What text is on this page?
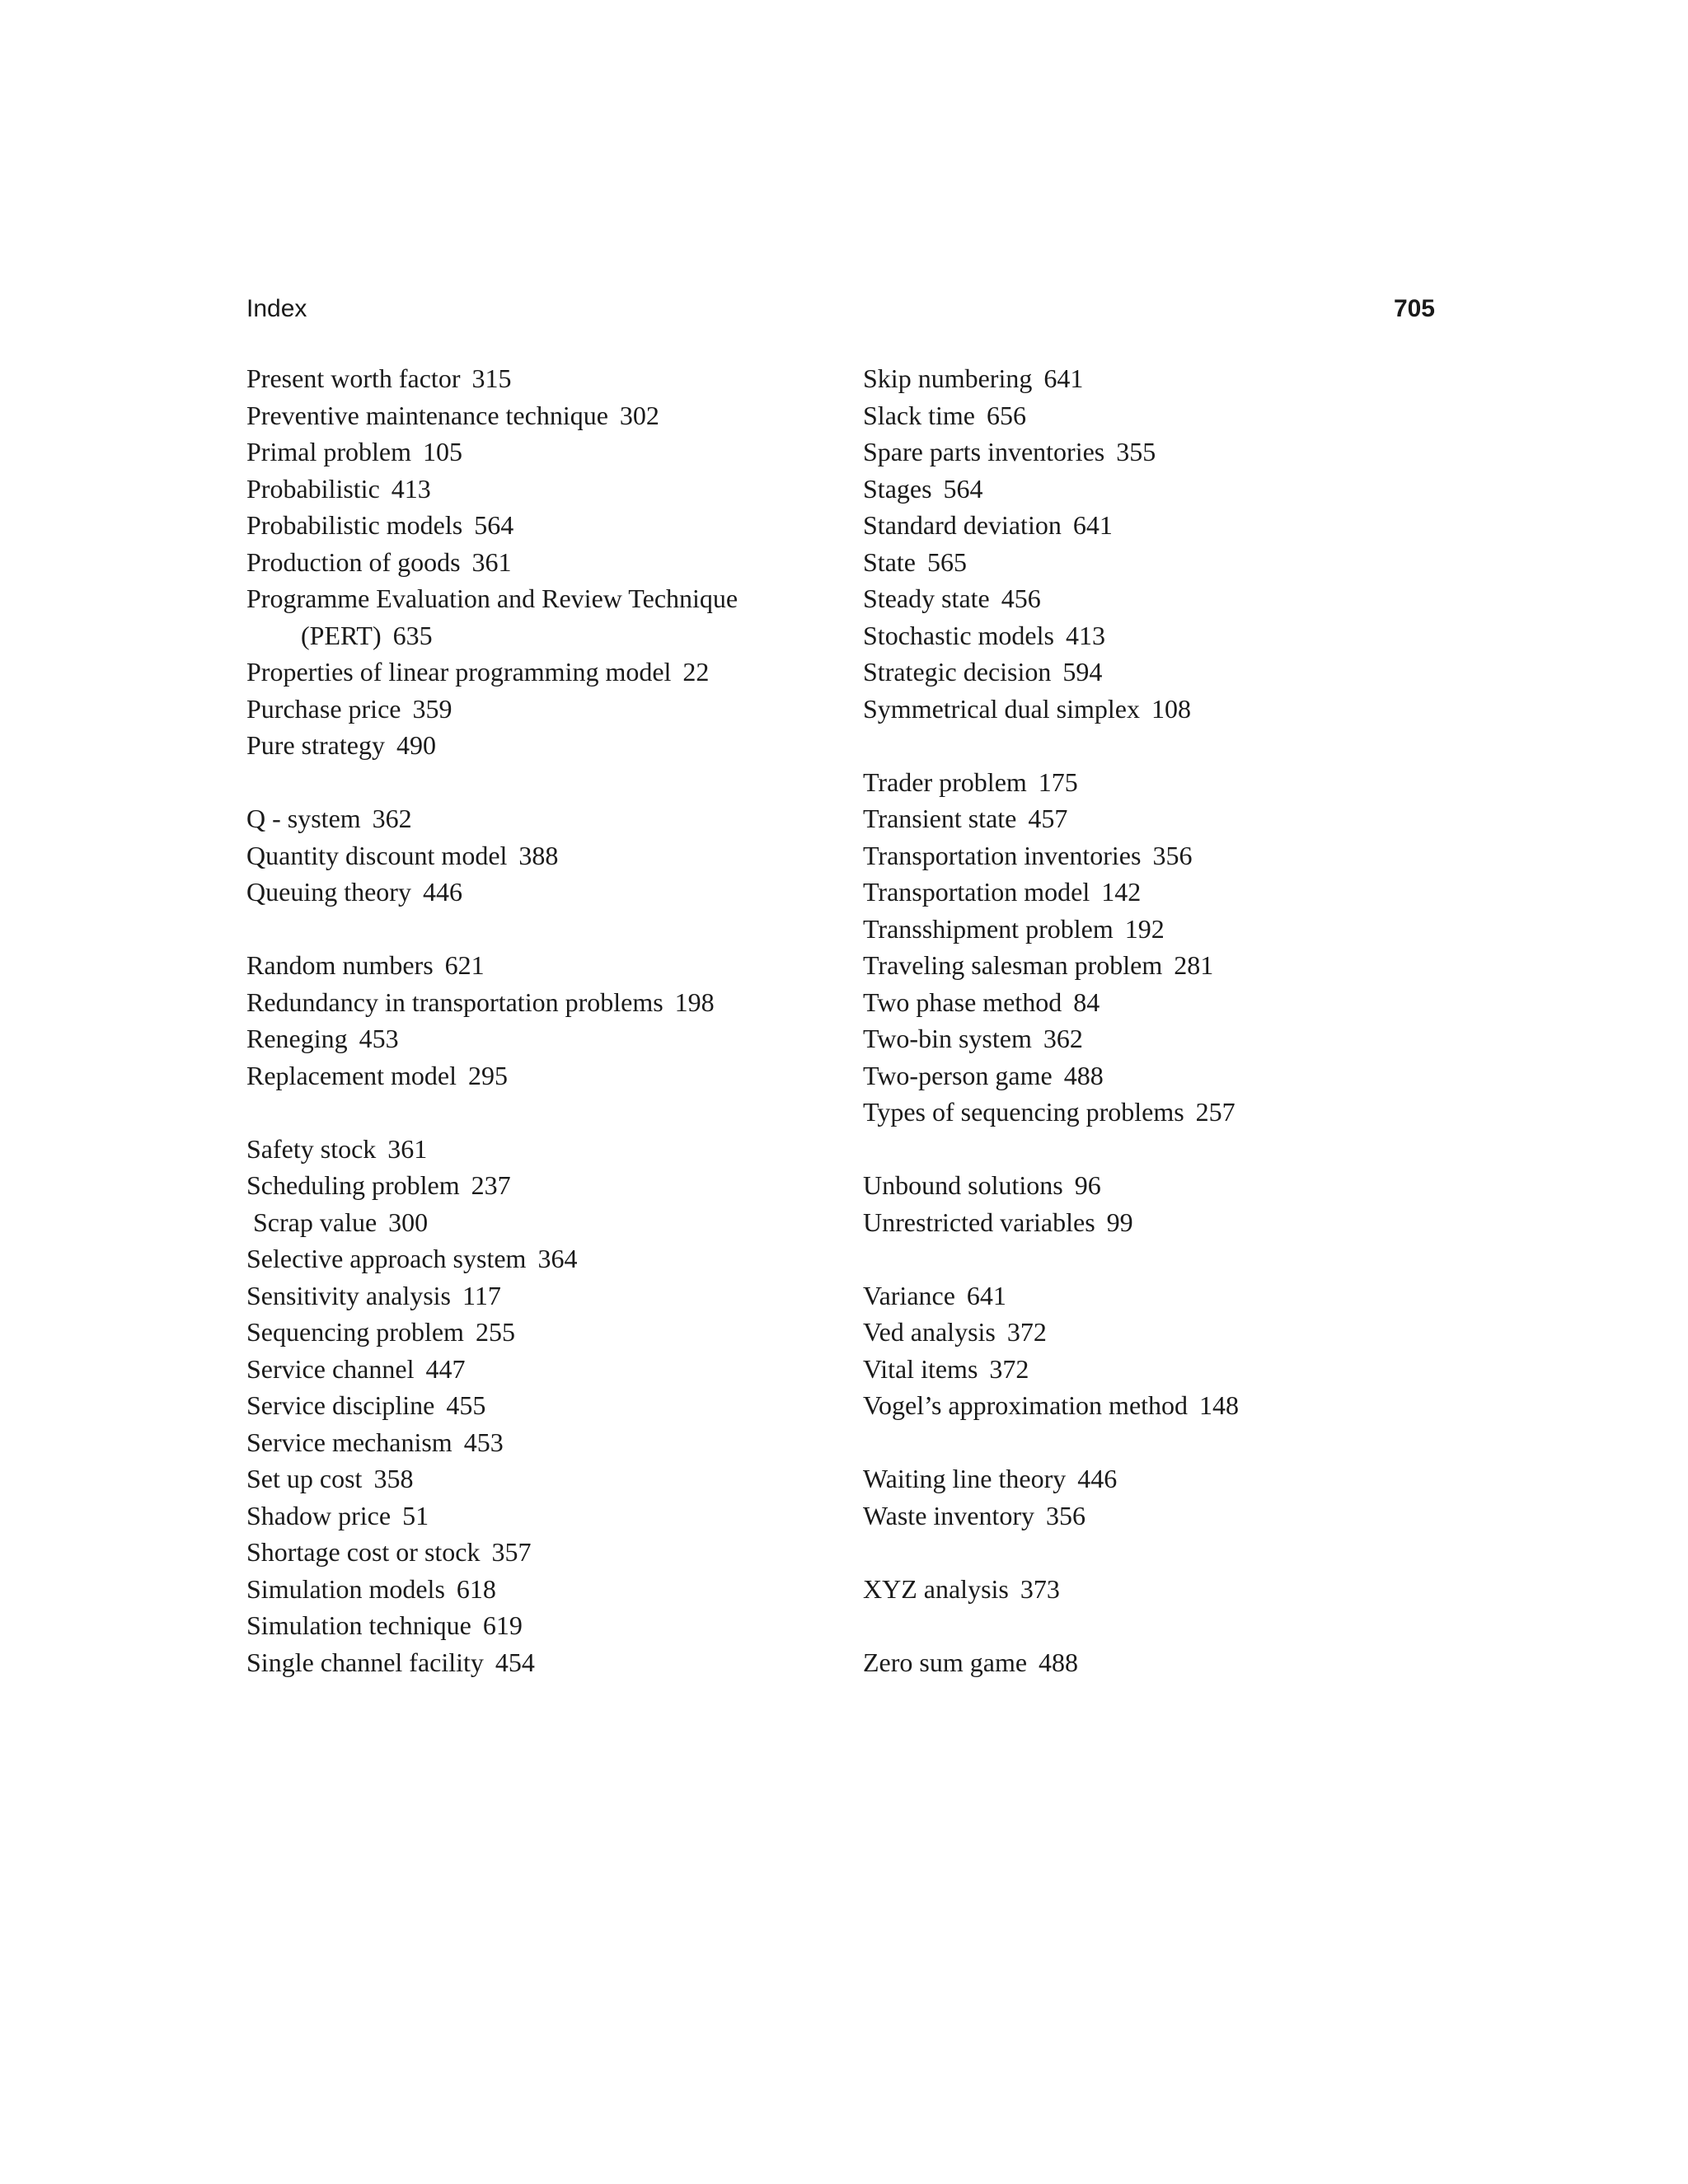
Index	705
Present worth factor 315
Preventive maintenance technique 302
Primal problem 105
Probabilistic 413
Probabilistic models 564
Production of goods 361
Programme Evaluation and Review Technique
(PERT) 635
Properties of linear programming model 22
Purchase price 359
Pure strategy 490
Q - system 362
Quantity discount model 388
Queuing theory 446
Random numbers 621
Redundancy in transportation problems 198
Reneging 453
Replacement model 295
Safety stock 361
Scheduling problem 237
Scrap value 300
Selective approach system 364
Sensitivity analysis 117
Sequencing problem 255
Service channel 447
Service discipline 455
Service mechanism 453
Set up cost 358
Shadow price 51
Shortage cost or stock 357
Simulation models 618
Simulation technique 619
Single channel facility 454
Skip numbering 641
Slack time 656
Spare parts inventories 355
Stages 564
Standard deviation 641
State 565
Steady state 456
Stochastic models 413
Strategic decision 594
Symmetrical dual simplex 108
Trader problem 175
Transient state 457
Transportation inventories 356
Transportation model 142
Transshipment problem 192
Traveling salesman problem 281
Two phase method 84
Two-bin system 362
Two-person game 488
Types of sequencing problems 257
Unbound solutions 96
Unrestricted variables 99
Variance 641
Ved analysis 372
Vital items 372
Vogel’s approximation method 148
Waiting line theory 446
Waste inventory 356
XYZ analysis 373
Zero sum game 488
